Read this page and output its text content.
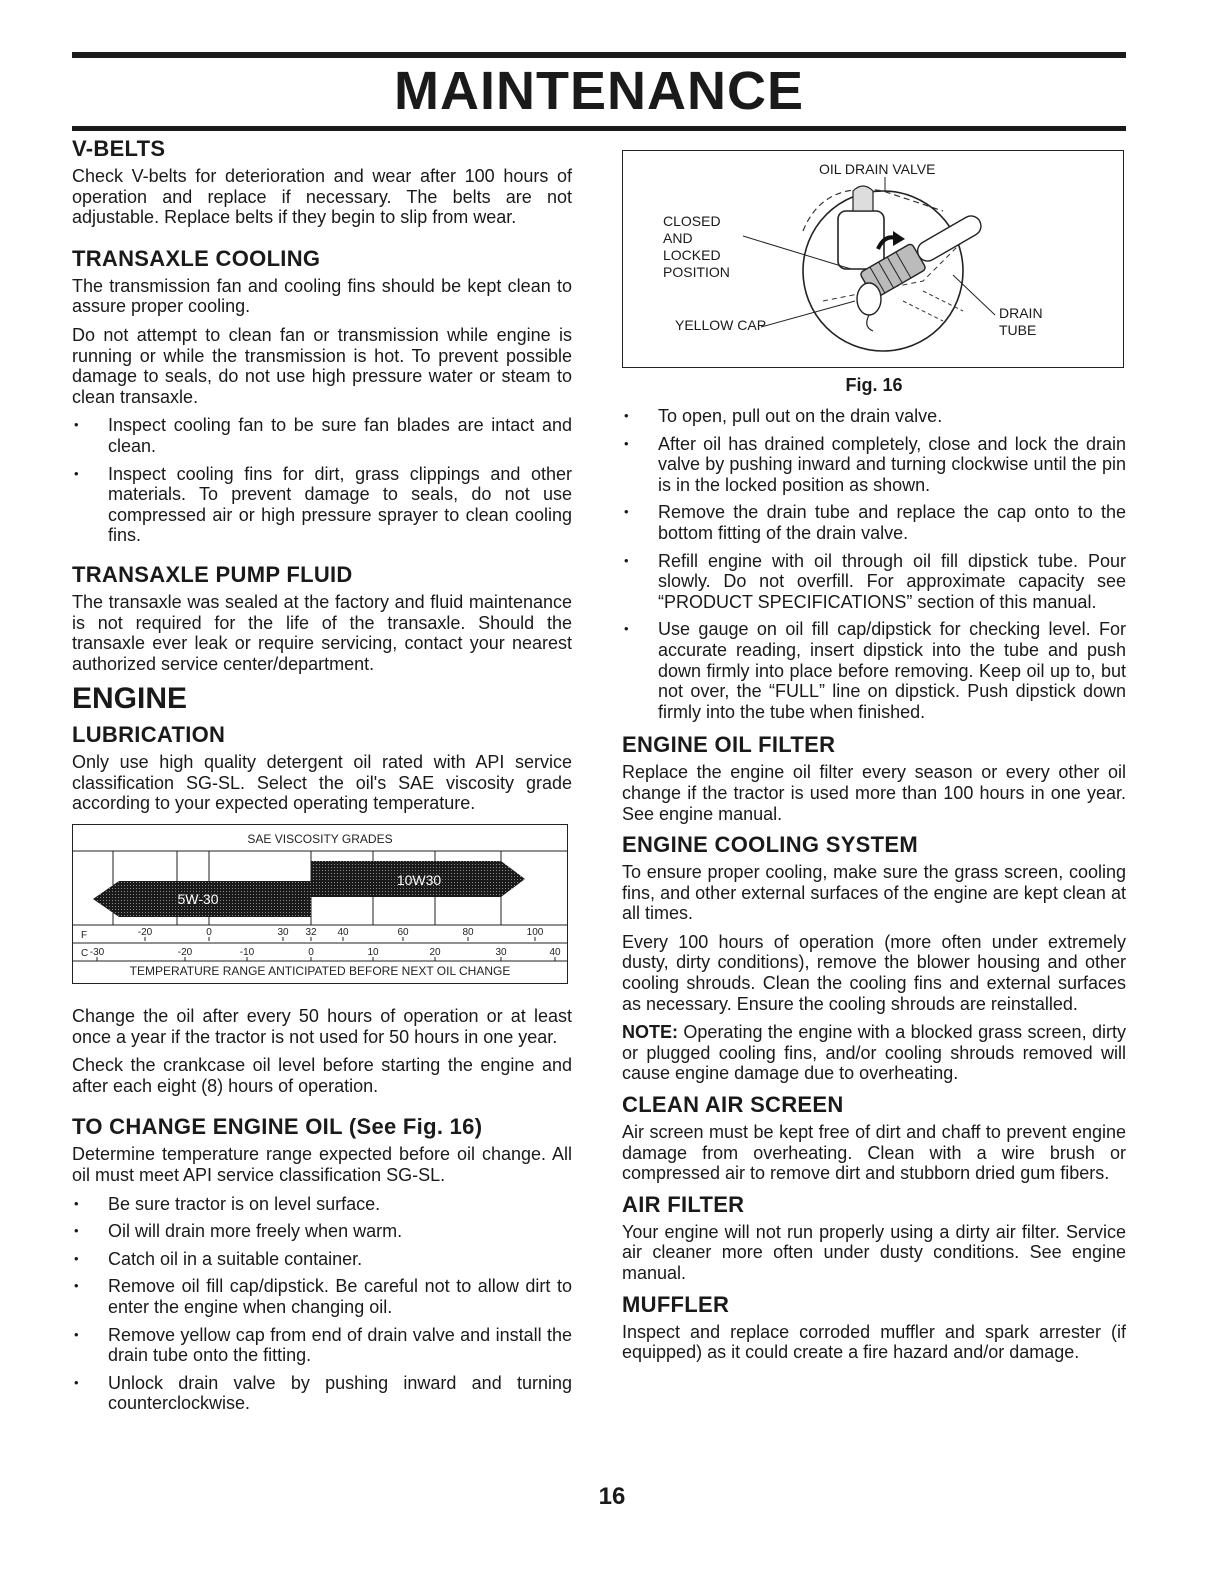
MAINTENANCE
V-BELTS

Check V-belts for deterioration and wear after 100 hours of operation and replace if necessary. The belts are not adjustable. Replace belts if they begin to slip from wear.

TRANSAXLE COOLING

The transmission fan and cooling fins should be kept clean to assure proper cooling.

Do not attempt to clean fan or transmission while engine is running or while the transmission is hot. To prevent possible damage to seals, do not use high pressure water or steam to clean transaxle.

• Inspect cooling fan to be sure fan blades are intact and clean.
• Inspect cooling fins for dirt, grass clippings and other materials. To prevent damage to seals, do not use compressed air or high pressure sprayer to clean cooling fins.
TRANSAXLE PUMP FLUID

The transaxle was sealed at the factory and fluid maintenance is not required for the life of the transaxle. Should the transaxle ever leak or require servicing, contact your nearest authorized service center/department.

ENGINE
LUBRICATION

Only use high quality detergent oil rated with API service classification SG-SL. Select the oil's SAE viscosity grade according to your expected operating temperature.

SAE VISCOSITY GRADES
5W-30
10W30
F	-20	0	30 32 40	60	80	100
C -30	-20	-10	0	10	20	30	40
TEMPERATURE RANGE ANTICIPATED BEFORE NEXT OIL CHANGE

Change the oil after every 50 hours of operation or at least once a year if the tractor is not used for 50 hours in one year.

Check the crankcase oil level before starting the engine and after each eight (8) hours of operation.

TO CHANGE ENGINE OIL (See Fig. 16)

Determine temperature range expected before oil change. All oil must meet API service classification SG-SL.

• Be sure tractor is on level surface.
• Oil will drain more freely when warm.
• Catch oil in a suitable container.
• Remove oil fill cap/dipstick. Be careful not to allow dirt to enter the engine when changing oil.
• Remove yellow cap from end of drain valve and install the drain tube onto the fitting.
• Unlock drain valve by pushing inward and turning counterclockwise.
OIL DRAIN VALVE
CLOSED
AND
LOCKED
POSITION
YELLOW CAP
DRAIN
TUBE
Fig. 16
• To open, pull out on the drain valve.
• After oil has drained completely, close and lock the drain valve by pushing inward and turning clockwise until the pin is in the locked position as shown.
• Remove the drain tube and replace the cap onto to the bottom fitting of the drain valve.
• Refill engine with oil through oil fill dipstick tube. Pour slowly. Do not overfill. For approximate capacity see “PRODUCT SPECIFICATIONS” section of this manual.
• Use gauge on oil fill cap/dipstick for checking level. For accurate reading, insert dipstick into the tube and push down firmly into place before removing. Keep oil up to, but not over, the “FULL” line on dipstick. Push dipstick down firmly into the tube when finished.
ENGINE OIL FILTER

Replace the engine oil filter every season or every other oil change if the tractor is used more than 100 hours in one year. See engine manual.

ENGINE COOLING SYSTEM

To ensure proper cooling, make sure the grass screen, cooling fins, and other external surfaces of the engine are kept clean at all times.

Every 100 hours of operation (more often under extremely dusty, dirty conditions), remove the blower housing and other cooling shrouds. Clean the cooling fins and external surfaces as necessary. Ensure the cooling shrouds are reinstalled.

NOTE: Operating the engine with a blocked grass screen, dirty or plugged cooling fins, and/or cooling shrouds removed will cause engine damage due to overheating.

CLEAN AIR SCREEN

Air screen must be kept free of dirt and chaff to prevent engine damage from overheating. Clean with a wire brush or compressed air to remove dirt and stubborn dried gum fibers.

AIR FILTER

Your engine will not run properly using a dirty air filter. Service air cleaner more often under dusty conditions. See engine manual.

MUFFLER

Inspect and replace corroded muffler and spark arrester (if equipped) as it could create a fire hazard and/or damage.

16
